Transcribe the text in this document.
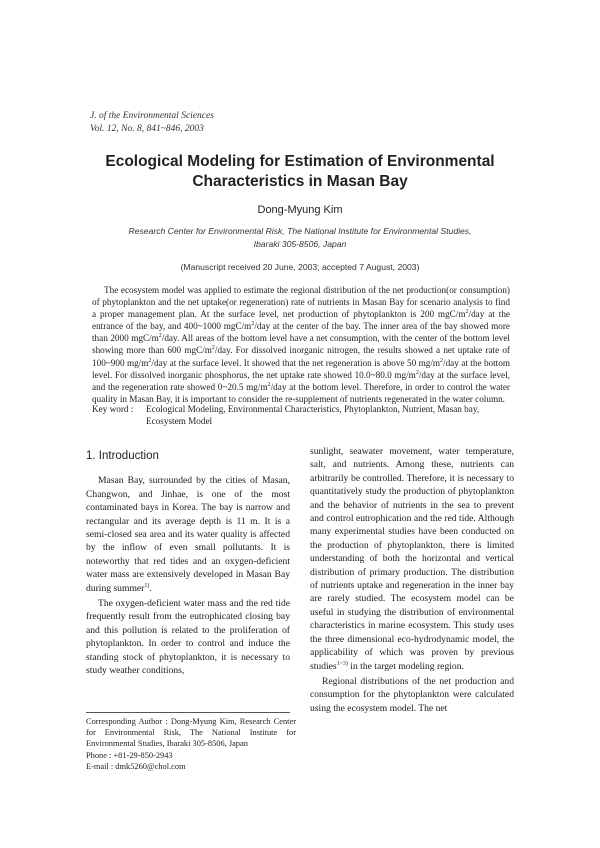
J. of the Environmental Sciences
Vol. 12, No. 8, 841~846, 2003
Ecological Modeling for Estimation of Environmental
Characteristics in Masan Bay
Dong-Myung Kim
Research Center for Environmental Risk, The National Institute for Environmental Studies,
Ibaraki 305-8506, Japan
(Manuscript received 20 June, 2003; accepted 7 August, 2003)

The ecosystem model was applied to estimate the regional distribution of the net production(or consumption) of phytoplankton and the net uptake(or regeneration) rate of nutrients in Masan Bay for scenario analysis to find a proper management plan. At the surface level, net production of phytoplankton is 200 mgC/$m^2$/day at the entrance of the bay, and 400~1000 mgC/$m^2$/day at the center of the bay. The inner area of the bay showed more than 2000 mgC/$m^2$/day. All areas of the bottom level have a net consumption, with the center of the bottom level showing more than 600 mgC/$m^2$/day. For dissolved inorganic nitrogen, the results showed a net uptake rate of 100~900 $mg/m^2$/day at the surface level. It showed that the net regeneration is above 50 $mg/m^2$/day at the bottom level. For dissolved inorganic phosphorus, the net uptake rate showed 10.0~80.0 $mg/m^2$/day at the surface level, and the regeneration rate showed 0~20.5 $mg/m^2$/day at the bottom level. Therefore, in order to control the water quality in Masan Bay, it is important to consider the re-supplement of nutrients regenerated in the water column.

Key word :	Ecological Modeling, Environmental Characteristics, Phytoplankton, Nutrient, Masan bay, Ecosystem Model
1. Introduction

Masan Bay, surrounded by the cities of Masan, Changwon, and Jinhae, is one of the most contaminated bays in Korea. The bay is narrow and rectangular and its average depth is 11 m. It is a semi-closed sea area and its water quality is affected by the inflow of even small pollutants. It is noteworthy that red tides and an oxygen-deficient water mass are extensively developed in Masan Bay during summer$^{1)}$.

The oxygen-deficient water mass and the red tide frequently result from the eutrophicated closing bay and this pollution is related to the proliferation of phytoplankton. In order to control and induce the standing stock of phytoplankton, it is necessary to study weather conditions,

sunlight, seawater movement, water temperature, salt, and nutrients. Among these, nutrients can arbitrarily be controlled. Therefore, it is necessary to quantitatively study the production of phytoplankton and the behavior of nutrients in the sea to prevent and control eutrophication and the red tide. Although many experimental studies have been conducted on the production of phytoplankton, there is limited understanding of both the horizontal and vertical distribution of primary production. The distribution of nutrients uptake and regeneration in the inner bay are rarely studied. The ecosystem model can be useful in studying the distribution of environmental characteristics in marine ecosystem. This study uses the three dimensional eco-hydrodynamic model, the applicability of which was proven by previous studies$^{1\sim 3)}$ in the target modeling region.

Regional distributions of the net production and consumption for the phytoplankton were calculated using the ecosystem model. The net

Corresponding Author : Dong-Myung Kim, Research Center for Environmental Risk, The National Institute for Environmental Studies, Ibaraki 305-8506, Japan
Phone : +81-29-850-2943
E-mail : dmk5260@chol.com
